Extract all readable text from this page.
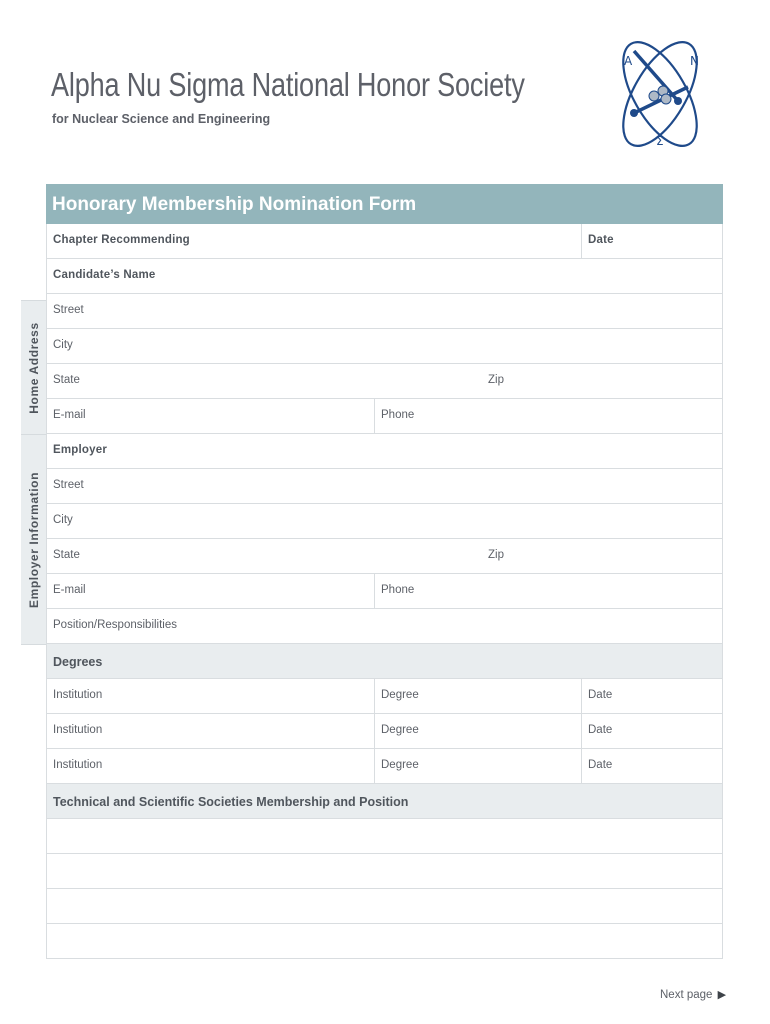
Alpha Nu Sigma National Honor Society
for Nuclear Science and Engineering
A	N
Σ
Home Address
Employer Information
Honorary Membership Nomination Form
Chapter Recommending	Date
Candidate’s Name
Street
City
State	Zip
E-mail	Phone
Employer
Street
City
State	Zip
E-mail	Phone
Position/Responsibilities
Degrees
Institution	Degree	Date
Institution	Degree	Date
Institution	Degree	Date
Technical and Scientific Societies Membership and Position
Next page ▶
